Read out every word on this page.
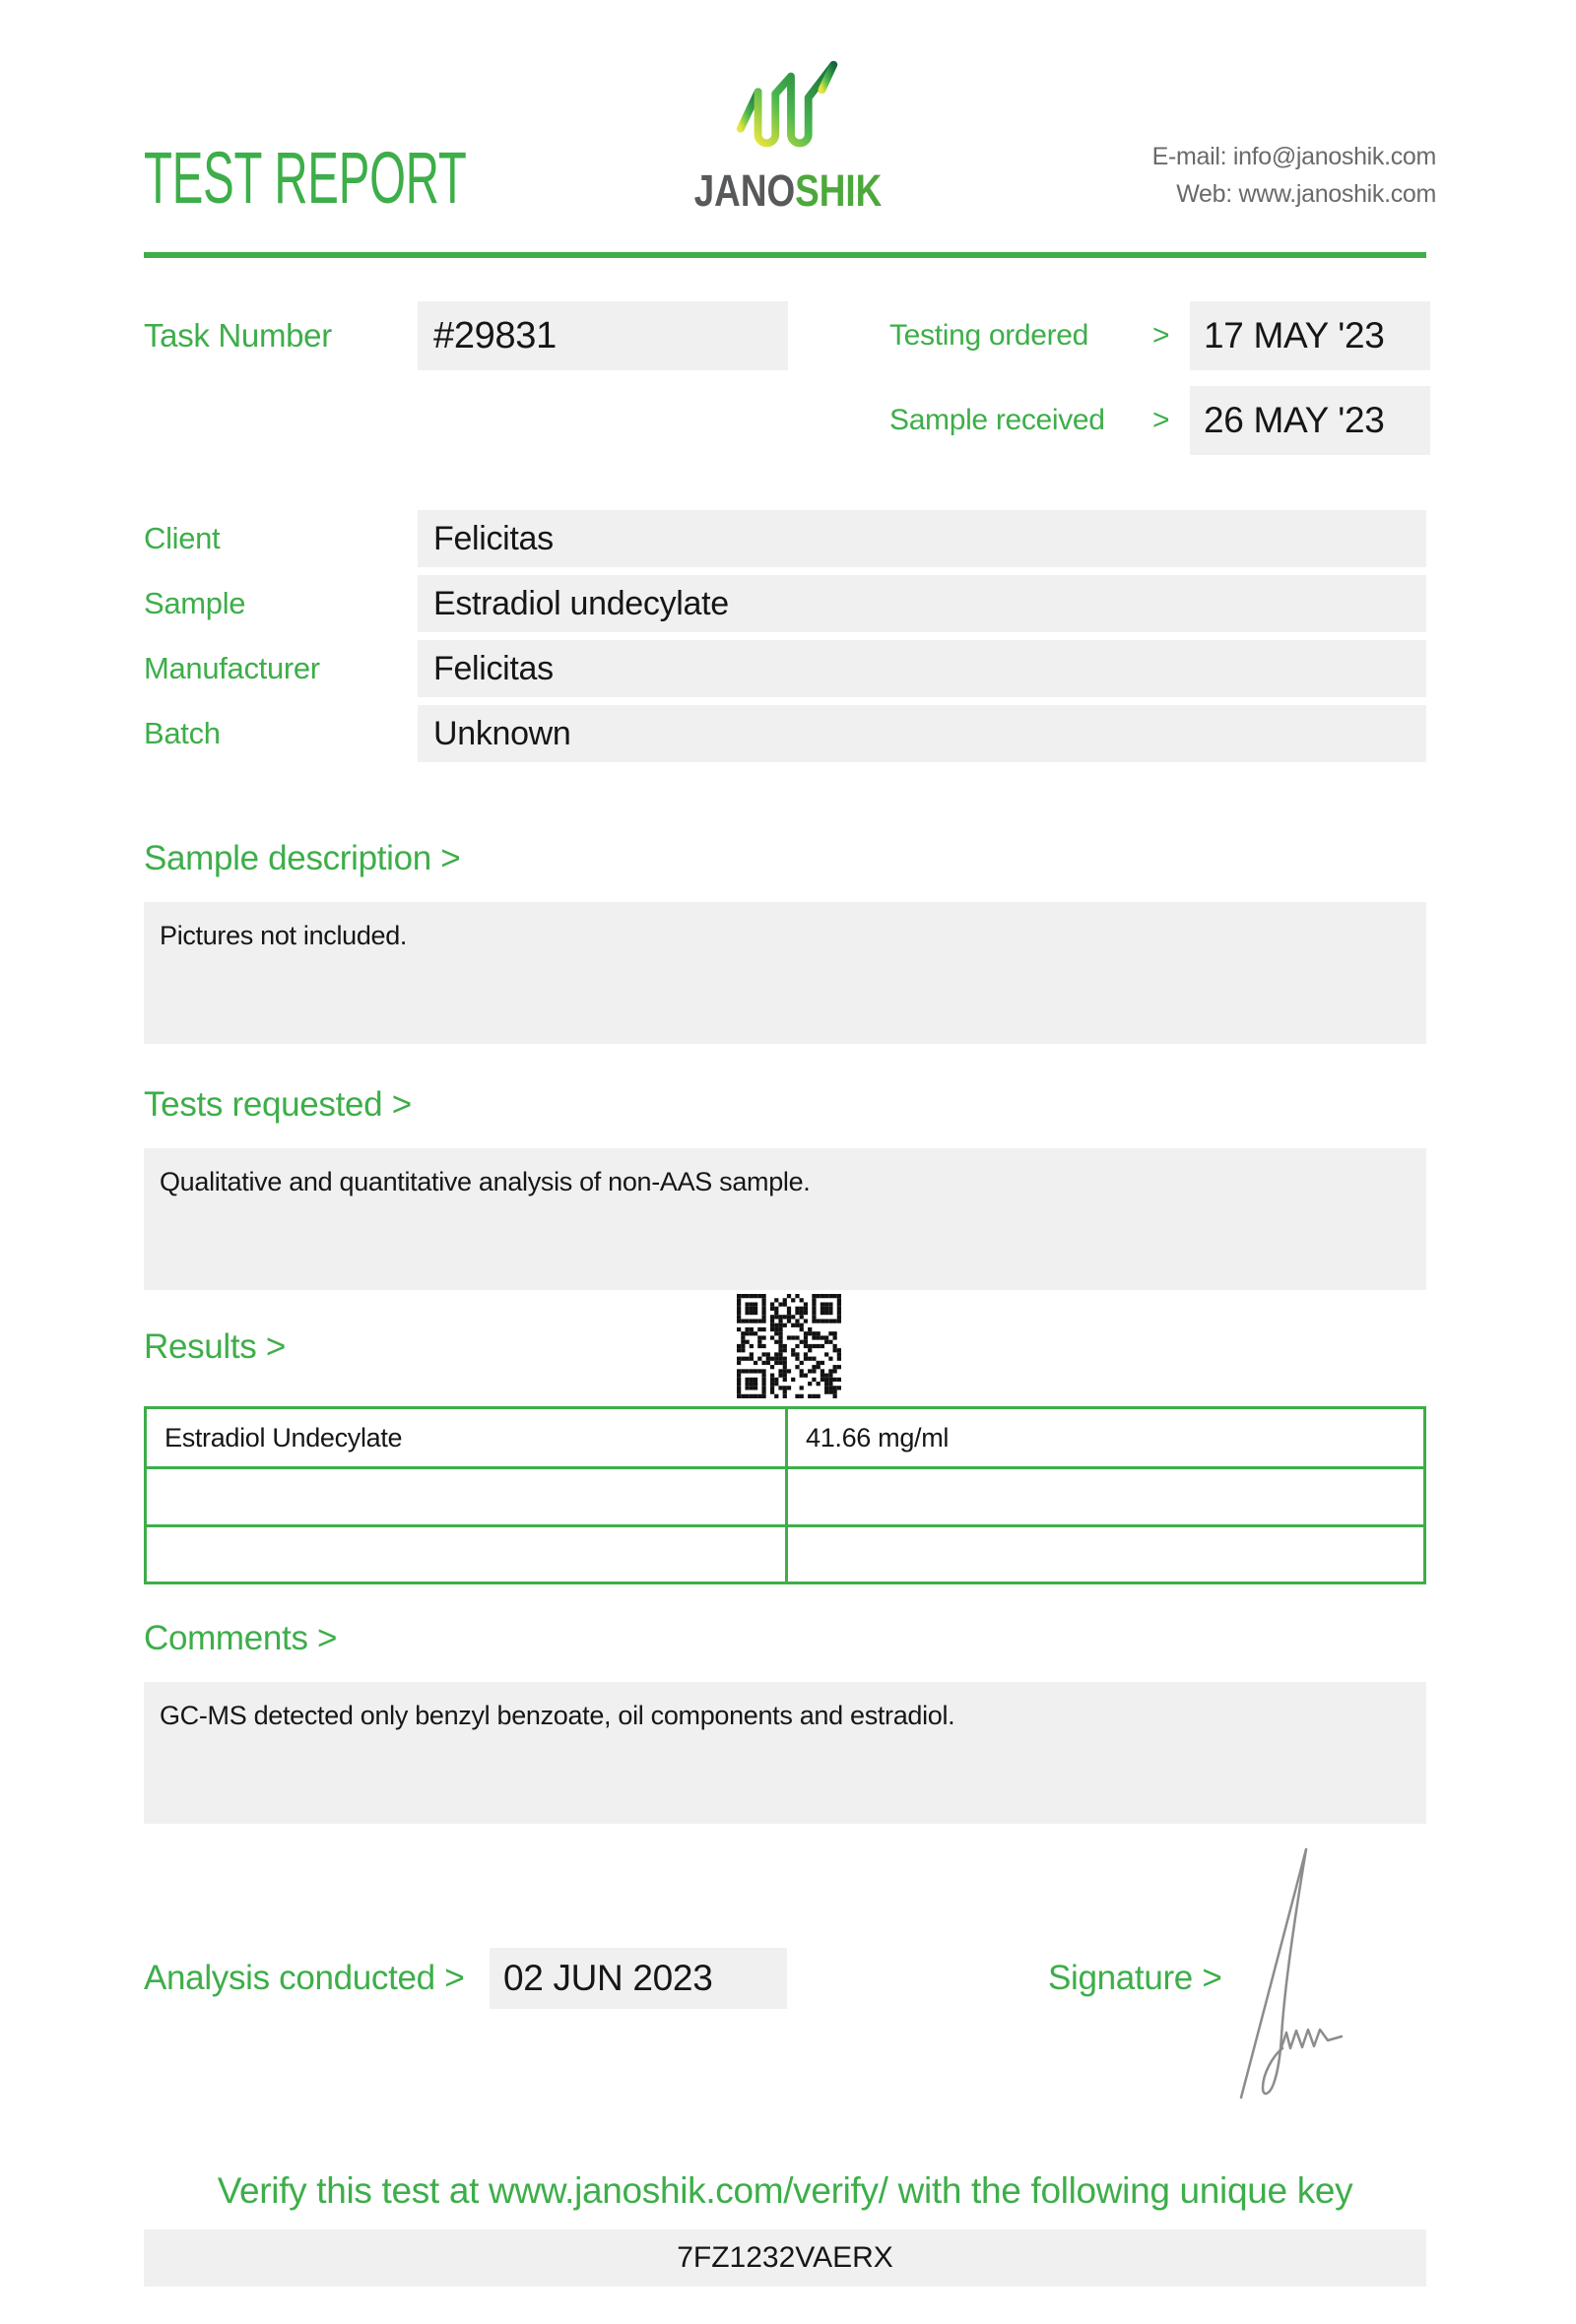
TEST REPORT	JANOSHIK
E-mail: info@janoshik.com
Web: www.janoshik.com
Task Number	#29831	Testing ordered > 17 MAY '23
Sample received > 26 MAY '23
Client	Felicitas
Sample	Estradiol undecylate
Manufacturer	Felicitas
Batch	Unknown
Sample description >
Pictures not included.
Tests requested >
Qualitative and quantitative analysis of non-AAS sample.
Results >
Estradiol Undecylate	41.66 mg/ml
Comments >
GC-MS detected only benzyl benzoate, oil components and estradiol.
Analysis conducted >	02 JUN 2023	Signature >
Verify this test at www.janoshik.com/verify/ with the following unique key
7FZ1232VAERX
